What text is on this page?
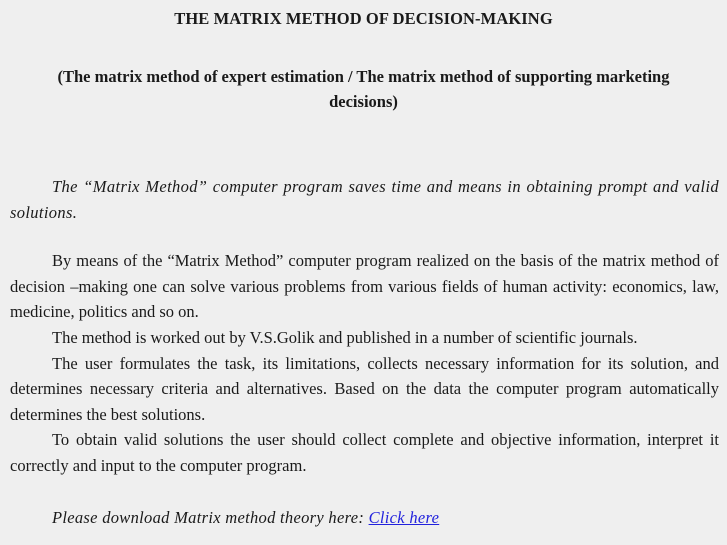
THE MATRIX METHOD OF DECISION-MAKING
(The matrix method of expert estimation / The matrix method of supporting marketing decisions)

The “Matrix Method” computer program saves time and means in obtaining prompt and valid solutions.

By means of the “Matrix Method” computer program realized on the basis of the matrix method of decision –making one can solve various problems from various fields of human activity: economics, law, medicine, politics and so on.

The method is worked out by V.S.Golik and published in a number of scientific journals.

The user formulates the task, its limitations, collects necessary information for its solution, and determines necessary criteria and alternatives. Based on the data the computer program automatically determines the best solutions.

To obtain valid solutions the user should collect complete and objective information, interpret it correctly and input to the computer program.

Please download Matrix method theory here: Click here
